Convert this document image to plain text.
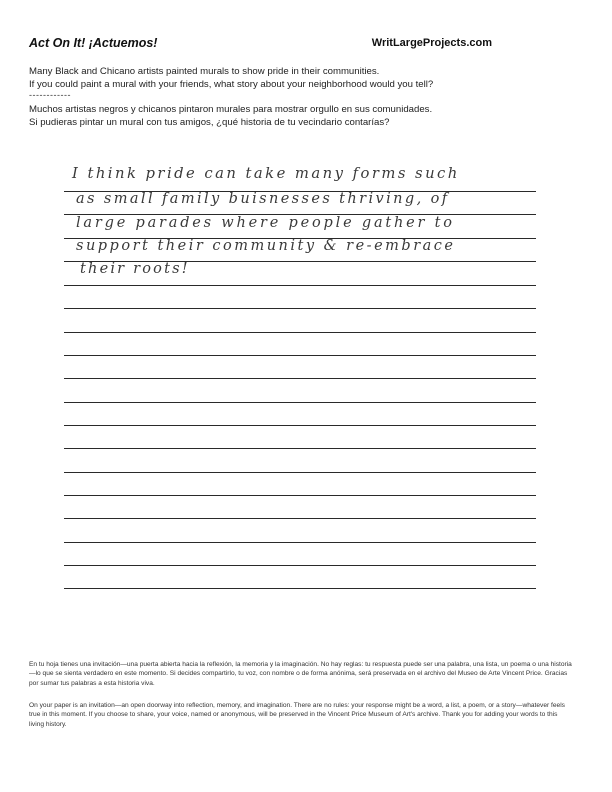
Act On It! ¡Actuemos!	WritLargeProjects.com
Many Black and Chicano artists painted murals to show pride in their communities.
If you could paint a mural with your friends, what story about your neighborhood would you tell?
------------
Muchos artistas negros y chicanos pintaron murales para mostrar orgullo en sus comunidades.
Si pudieras pintar un mural con tus amigos, ¿qué historia de tu vecindario contarías?
I think pride can take many forms such
as small family buisnesses thriving, of
large parades where people gather to
support their community & re-embrace
their roots!
En tu hoja tienes una invitación—una puerta abierta hacia la reflexión, la memoria y la imaginación. No hay reglas: tu respuesta puede ser una palabra, una lista, un poema o una historia—lo que se sienta verdadero en este momento. Si decides compartirlo, tu voz, con nombre o de forma anónima, será preservada en el archivo del Museo de Arte Vincent Price. Gracias por sumar tus palabras a esta historia viva.
On your paper is an invitation—an open doorway into reflection, memory, and imagination. There are no rules: your response might be a word, a list, a poem, or a story—whatever feels true in this moment. If you choose to share, your voice, named or anonymous, will be preserved in the Vincent Price Museum of Art's archive. Thank you for adding your words to this living history.
